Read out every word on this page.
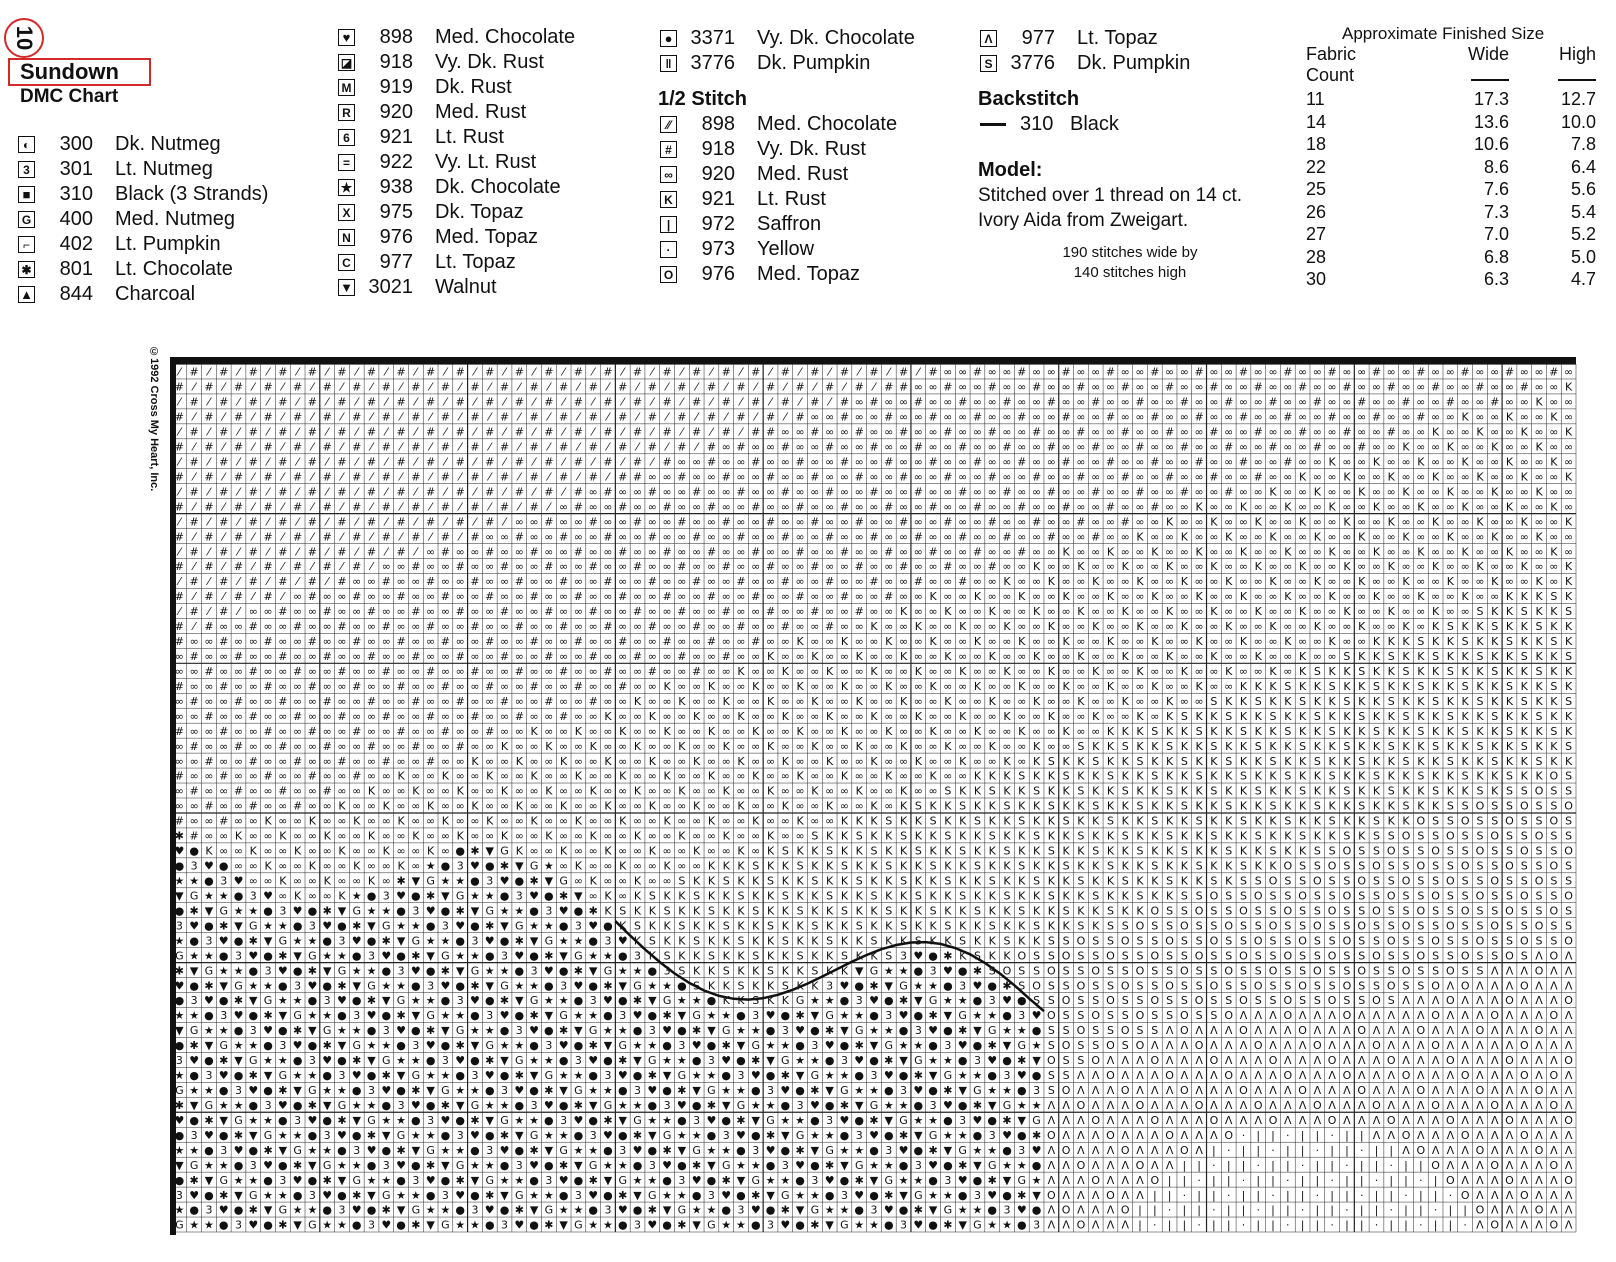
10
Sundown
DMC Chart
◐	300 Dk. Nutmeg
3	301 Lt. Nutmeg
■	310 Black (3 Strands)
G	400 Med. Nutmeg
⌐	402 Lt. Pumpkin
✱	801 Lt. Chocolate
▲	844 Charcoal
♥	898 Med. Chocolate
◪	918 Vy. Dk. Rust
M	919 Dk. Rust
R	920 Med. Rust
6	921 Lt. Rust
=	922 Vy. Lt. Rust
★	938 Dk. Chocolate
X	975 Dk. Topaz
N	976 Med. Topaz
C	977 Lt. Topaz
▼ 3021 Walnut
● 3371 Vy. Dk. Chocolate
‖ 3776 Dk. Pumpkin
1/2 Stitch
⁄⁄	898 Med. Chocolate
#	918 Vy. Dk. Rust
∞	920 Med. Rust
K	921 Lt. Rust
|	972 Saffron
·	973 Yellow
O	976 Med. Topaz
Λ	977 Lt. Topaz
S 3776 Dk. Pumpkin
Backstitch
310 Black
Model:
Stitched over 1 thread on 14 ct.
Ivory Aida from Zweigart.
190 stitches wide by
140 stitches high
Approximate Finished Size
Fabric
Count
Wide	High
11	17.3	12.7
14	13.6	10.0
18	10.6	7.8
22	8.6	6.4
25	7.6	5.6
26	7.3	5.4
27	7.0	5.2
28	6.8	5.0
30	6.3	4.7
©1992 Cross My Heart, Inc. ⁄ # ⁄ # ⁄ # ⁄ # ⁄ # ⁄ # ⁄ # ⁄ # ⁄ # ⁄ # ⁄ # ⁄ # ⁄ # ⁄ # ⁄ # ⁄ # ⁄ # ⁄ # ⁄ # ⁄ # ⁄ # ⁄ # ⁄ # ⁄ # ⁄ # ⁄ # ∞ ∞ # ∞ ∞ # ∞ ∞ # ∞ ∞ # ∞ ∞ # ∞ ∞ # ∞ ∞ # ∞ ∞ # ∞ ∞ # ∞ ∞ # ∞ ∞ # ∞ ∞ # ∞ ∞ # ∞ ∞ # ∞
# ⁄ # ⁄ # ⁄ # ⁄ # ⁄ # ⁄ # ⁄ # ⁄ # ⁄ # ⁄ # ⁄ # ⁄ # ⁄ # ⁄ # ⁄ # ⁄ # ⁄ # ⁄ # ⁄ # ⁄ # ⁄ # ⁄ # ⁄ # ⁄ # # ∞ ∞ # ∞ ∞ # ∞ ∞ # ∞ ∞ # ∞ ∞ # ∞ ∞ # ∞ ∞ # ∞ ∞ # ∞ ∞ # ∞ ∞ # ∞ ∞ # ∞ ∞ # ∞ ∞ # ∞ ∞ # ∞ ∞ K
⁄ # ⁄ # ⁄ # ⁄ # ⁄ # ⁄ # ⁄ # ⁄ # ⁄ # ⁄ # ⁄ # ⁄ # ⁄ # ⁄ # ⁄ # ⁄ # ⁄ # ⁄ # ⁄ # ⁄ # ⁄ # ⁄ # ⁄ # ∞ # ∞ ∞ # ∞ ∞ # ∞ ∞ # ∞ ∞ # ∞ ∞ # ∞ ∞ # ∞ ∞ # ∞ ∞ # ∞ ∞ # ∞ ∞ # ∞ ∞ # ∞ ∞ # ∞ ∞ # ∞ ∞ # ∞ ∞ K ∞ ∞
# ⁄ # ⁄ # ⁄ # ⁄ # ⁄ # ⁄ # ⁄ # ⁄ # ⁄ # ⁄ # ⁄ # ⁄ # ⁄ # ⁄ # ⁄ # ⁄ # ⁄ # ⁄ # ⁄ # ⁄ # ⁄ # ∞ ∞ # ∞ ∞ # ∞ ∞ # ∞ ∞ # ∞ ∞ # ∞ ∞ # ∞ ∞ # ∞ ∞ # ∞ ∞ # ∞ ∞ # ∞ ∞ # ∞ ∞ # ∞ ∞ # ∞ ∞ # ∞ ∞ K ∞ ∞ K ∞ ∞ K ∞
⁄ # ⁄ # ⁄ # ⁄ # ⁄ # ⁄ # ⁄ # ⁄ # ⁄ # ⁄ # ⁄ # ⁄ # ⁄ # ⁄ # ⁄ # ⁄ # ⁄ # ⁄ # ⁄ # ⁄ # # ∞ ∞ # ∞ ∞ # ∞ ∞ # ∞ ∞ # ∞ ∞ # ∞ ∞ # ∞ ∞ # ∞ ∞ # ∞ ∞ # ∞ ∞ # ∞ ∞ # ∞ ∞ # ∞ ∞ # ∞ ∞ # ∞ ∞ K ∞ ∞ K ∞ ∞ K ∞ ∞ K
# ⁄ # ⁄ # ⁄ # ⁄ # ⁄ # ⁄ # ⁄ # ⁄ # ⁄ # ⁄ # ⁄ # ⁄ # ⁄ # ⁄ # ⁄ # ⁄ # ⁄ # ⁄ # ∞ # ∞ ∞ # ∞ ∞ # ∞ ∞ # ∞ ∞ # ∞ ∞ # ∞ ∞ # ∞ ∞ # ∞ ∞ # ∞ ∞ # ∞ ∞ # ∞ ∞ # ∞ ∞ # ∞ ∞ # ∞ ∞ # ∞ ∞ K ∞ ∞ K ∞ ∞ K ∞ ∞ K ∞ ∞
⁄ # ⁄ # ⁄ # ⁄ # ⁄ # ⁄ # ⁄ # ⁄ # ⁄ # ⁄ # ⁄ # ⁄ # ⁄ # ⁄ # ⁄ # ⁄ # ⁄ # ∞ ∞ # ∞ ∞ # ∞ ∞ # ∞ ∞ # ∞ ∞ # ∞ ∞ # ∞ ∞ # ∞ ∞ # ∞ ∞ # ∞ ∞ # ∞ ∞ # ∞ ∞ # ∞ ∞ # ∞ ∞ # ∞ ∞ K ∞ ∞ K ∞ ∞ K ∞ ∞ K ∞ ∞ K ∞ ∞ K ∞
# ⁄ # ⁄ # ⁄ # ⁄ # ⁄ # ⁄ # ⁄ # ⁄ # ⁄ # ⁄ # ⁄ # ⁄ # ⁄ # ⁄ # ⁄ # # ∞ ∞ # ∞ ∞ # ∞ ∞ # ∞ ∞ # ∞ ∞ # ∞ ∞ # ∞ ∞ # ∞ ∞ # ∞ ∞ # ∞ ∞ # ∞ ∞ # ∞ ∞ # ∞ ∞ # ∞ ∞ # ∞ ∞ K ∞ ∞ K ∞ ∞ K ∞ ∞ K ∞ ∞ K ∞ ∞ K ∞ ∞ K
⁄ # ⁄ # ⁄ # ⁄ # ⁄ # ⁄ # ⁄ # ⁄ # ⁄ # ⁄ # ⁄ # ⁄ # ⁄ # ⁄ # ∞ # ∞ ∞ # ∞ ∞ # ∞ ∞ # ∞ ∞ # ∞ ∞ # ∞ ∞ # ∞ ∞ # ∞ ∞ # ∞ ∞ # ∞ ∞ # ∞ ∞ # ∞ ∞ # ∞ ∞ # ∞ ∞ # ∞ ∞ K ∞ ∞ K ∞ ∞ K ∞ ∞ K ∞ ∞ K ∞ ∞ K ∞ ∞ K ∞ ∞
# ⁄ # ⁄ # ⁄ # ⁄ # ⁄ # ⁄ # ⁄ # ⁄ # ⁄ # ⁄ # ⁄ # ⁄ # ⁄ ∞ # ∞ ∞ # ∞ ∞ # ∞ ∞ # ∞ ∞ # ∞ ∞ # ∞ ∞ # ∞ ∞ # ∞ ∞ # ∞ ∞ # ∞ ∞ # ∞ ∞ # ∞ ∞ # ∞ ∞ # ∞ ∞ K ∞ ∞ K ∞ ∞ K ∞ ∞ K ∞ ∞ K ∞ ∞ K ∞ ∞ K ∞ ∞ K ∞ ∞ K ∞
⁄ # ⁄ # ⁄ # ⁄ # ⁄ # ⁄ # ⁄ # ⁄ # ⁄ # ⁄ # ⁄ # ⁄ ∞ ∞ # ∞ ∞ # ∞ ∞ # ∞ ∞ # ∞ ∞ # ∞ ∞ # ∞ ∞ # ∞ ∞ # ∞ ∞ # ∞ ∞ # ∞ ∞ # ∞ ∞ # ∞ ∞ # ∞ ∞ # ∞ ∞ K ∞ ∞ K ∞ ∞ K ∞ ∞ K ∞ ∞ K ∞ ∞ K ∞ ∞ K ∞ ∞ K ∞ ∞ K ∞ ∞ K
# ⁄ # ⁄ # ⁄ # ⁄ # ⁄ # ⁄ # ⁄ # ⁄ # ⁄ # ⁄ # ∞ ∞ # ∞ ∞ # ∞ ∞ # ∞ ∞ # ∞ ∞ # ∞ ∞ # ∞ ∞ # ∞ ∞ # ∞ ∞ # ∞ ∞ # ∞ ∞ # ∞ ∞ # ∞ ∞ # ∞ ∞ # ∞ ∞ K ∞ ∞ K ∞ ∞ K ∞ ∞ K ∞ ∞ K ∞ ∞ K ∞ ∞ K ∞ ∞ K ∞ ∞ K ∞ ∞ K ∞ ∞
⁄ # ⁄ # ⁄ # ⁄ # ⁄ # ⁄ # ⁄ # ⁄ # ⁄ ∞ # ∞ ∞ # ∞ ∞ # ∞ ∞ # ∞ ∞ # ∞ ∞ # ∞ ∞ # ∞ ∞ # ∞ ∞ # ∞ ∞ # ∞ ∞ # ∞ ∞ # ∞ ∞ # ∞ ∞ # ∞ ∞ K ∞ ∞ K ∞ ∞ K ∞ ∞ K ∞ ∞ K ∞ ∞ K ∞ ∞ K ∞ ∞ K ∞ ∞ K ∞ ∞ K ∞ ∞ K ∞ ∞ K ∞
# ⁄ # ⁄ # ⁄ # ⁄ # ⁄ # ⁄ # ⁄ ∞ ∞ # ∞ ∞ # ∞ ∞ # ∞ ∞ # ∞ ∞ # ∞ ∞ # ∞ ∞ # ∞ ∞ # ∞ ∞ # ∞ ∞ # ∞ ∞ # ∞ ∞ # ∞ ∞ # ∞ ∞ # ∞ ∞ K ∞ ∞ K ∞ ∞ K ∞ ∞ K ∞ ∞ K ∞ ∞ K ∞ ∞ K ∞ ∞ K ∞ ∞ K ∞ ∞ K ∞ ∞ K ∞ ∞ K ∞ ∞ K
⁄ # ⁄ # ⁄ # ⁄ # ⁄ # ⁄ # ∞ ∞ # ∞ ∞ # ∞ ∞ # ∞ ∞ # ∞ ∞ # ∞ ∞ # ∞ ∞ # ∞ ∞ # ∞ ∞ # ∞ ∞ # ∞ ∞ # ∞ ∞ # ∞ ∞ # ∞ ∞ # ∞ ∞ K ∞ ∞ K ∞ ∞ K ∞ ∞ K ∞ ∞ K ∞ ∞ K ∞ ∞ K ∞ ∞ K ∞ ∞ K ∞ ∞ K ∞ ∞ K ∞ ∞ K ∞ ∞ K ∞ K
# ⁄ # ⁄ # ⁄ # ⁄ ∞ # ∞ ∞ # ∞ ∞ # ∞ ∞ # ∞ ∞ # ∞ ∞ # ∞ ∞ # ∞ ∞ # ∞ ∞ # ∞ ∞ # ∞ ∞ # ∞ ∞ # ∞ ∞ # ∞ ∞ # ∞ ∞ K ∞ ∞ K ∞ ∞ K ∞ ∞ K ∞ ∞ K ∞ ∞ K ∞ ∞ K ∞ ∞ K ∞ ∞ K ∞ ∞ K ∞ ∞ K ∞ ∞ K ∞ ∞ K ∞ ∞ K K K S K
⁄ # ⁄ # ⁄ ∞ ∞ # ∞ ∞ # ∞ ∞ # ∞ ∞ # ∞ ∞ # ∞ ∞ # ∞ ∞ # ∞ ∞ # ∞ ∞ # ∞ ∞ # ∞ ∞ # ∞ ∞ # ∞ ∞ # ∞ ∞ # ∞ ∞ K ∞ ∞ K ∞ ∞ K ∞ ∞ K ∞ ∞ K ∞ ∞ K ∞ ∞ K ∞ ∞ K ∞ ∞ K ∞ ∞ K ∞ ∞ K ∞ ∞ K ∞ ∞ K ∞ ∞ S K K S K K S
# ⁄ # ∞ ∞ # ∞ ∞ # ∞ ∞ # ∞ ∞ # ∞ ∞ # ∞ ∞ # ∞ ∞ # ∞ ∞ # ∞ ∞ # ∞ ∞ # ∞ ∞ # ∞ ∞ # ∞ ∞ # ∞ ∞ # ∞ ∞ K ∞ ∞ K ∞ ∞ K ∞ ∞ K ∞ ∞ K ∞ ∞ K ∞ ∞ K ∞ ∞ K ∞ ∞ K ∞ ∞ K ∞ ∞ K ∞ ∞ K ∞ ∞ K ∞ K S K K S K K S K K
# ∞ ∞ # ∞ ∞ # ∞ ∞ # ∞ ∞ # ∞ ∞ # ∞ ∞ # ∞ ∞ # ∞ ∞ # ∞ ∞ # ∞ ∞ # ∞ ∞ # ∞ ∞ # ∞ ∞ # ∞ ∞ K ∞ ∞ K ∞ ∞ K ∞ ∞ K ∞ ∞ K ∞ ∞ K ∞ ∞ K ∞ ∞ K ∞ ∞ K ∞ ∞ K ∞ ∞ K ∞ ∞ K ∞ ∞ K ∞ ∞ K K K S K K S K K S K K S K
∞ # ∞ ∞ # ∞ ∞ # ∞ ∞ # ∞ ∞ # ∞ ∞ # ∞ ∞ # ∞ ∞ # ∞ ∞ # ∞ ∞ # ∞ ∞ # ∞ ∞ # ∞ ∞ # ∞ ∞ K ∞ ∞ K ∞ ∞ K ∞ ∞ K ∞ ∞ K ∞ ∞ K ∞ ∞ K ∞ ∞ K ∞ ∞ K ∞ ∞ K ∞ ∞ K ∞ ∞ K ∞ ∞ K ∞ ∞ S K K S K K S K K S K K S K K S
∞ ∞ # ∞ ∞ # ∞ ∞ # ∞ ∞ # ∞ ∞ # ∞ ∞ # ∞ ∞ # ∞ ∞ # ∞ ∞ # ∞ ∞ # ∞ ∞ # ∞ ∞ # ∞ ∞ K ∞ ∞ K ∞ ∞ K ∞ ∞ K ∞ ∞ K ∞ ∞ K ∞ ∞ K ∞ ∞ K ∞ ∞ K ∞ ∞ K ∞ ∞ K ∞ ∞ K ∞ ∞ K ∞ K S K K S K K S K K S K K S K K S K K
# ∞ ∞ # ∞ ∞ # ∞ ∞ # ∞ ∞ # ∞ ∞ # ∞ ∞ # ∞ ∞ # ∞ ∞ # ∞ ∞ # ∞ ∞ # ∞ ∞ K ∞ ∞ K ∞ ∞ K ∞ ∞ K ∞ ∞ K ∞ ∞ K ∞ ∞ K ∞ ∞ K ∞ ∞ K ∞ ∞ K ∞ ∞ K ∞ ∞ K ∞ ∞ K ∞ ∞ K K K S K K S K K S K K S K K S K K S K K S K
∞ # ∞ ∞ # ∞ ∞ # ∞ ∞ # ∞ ∞ # ∞ ∞ # ∞ ∞ # ∞ ∞ # ∞ ∞ # ∞ ∞ # ∞ ∞ K ∞ ∞ K ∞ ∞ K ∞ ∞ K ∞ ∞ K ∞ ∞ K ∞ ∞ K ∞ ∞ K ∞ ∞ K ∞ ∞ K ∞ ∞ K ∞ ∞ K ∞ ∞ K ∞ ∞ S K K S K K S K K S K K S K K S K K S K K S K K S
∞ ∞ # ∞ ∞ # ∞ ∞ # ∞ ∞ # ∞ ∞ # ∞ ∞ # ∞ ∞ # ∞ ∞ # ∞ ∞ # ∞ ∞ K ∞ ∞ K ∞ ∞ K ∞ ∞ K ∞ ∞ K ∞ ∞ K ∞ ∞ K ∞ ∞ K ∞ ∞ K ∞ ∞ K ∞ ∞ K ∞ ∞ K ∞ ∞ K ∞ K S K K S K K S K K S K K S K K S K K S K K S K K S K K
# ∞ ∞ # ∞ ∞ # ∞ ∞ # ∞ ∞ # ∞ ∞ # ∞ ∞ # ∞ ∞ # ∞ ∞ K ∞ ∞ K ∞ ∞ K ∞ ∞ K ∞ ∞ K ∞ ∞ K ∞ ∞ K ∞ ∞ K ∞ ∞ K ∞ ∞ K ∞ ∞ K ∞ ∞ K ∞ ∞ K ∞ ∞ K K K S K K S K K S K K S K K S K K S K K S K K S K K S K K S K
∞ # ∞ ∞ # ∞ ∞ # ∞ ∞ # ∞ ∞ # ∞ ∞ # ∞ ∞ # ∞ ∞ K ∞ ∞ K ∞ ∞ K ∞ ∞ K ∞ ∞ K ∞ ∞ K ∞ ∞ K ∞ ∞ K ∞ ∞ K ∞ ∞ K ∞ ∞ K ∞ ∞ K ∞ ∞ K ∞ ∞ S K K S K K S K K S K K S K K S K K S K K S K K S K K S K K S K K S
∞ ∞ # ∞ ∞ # ∞ ∞ # ∞ ∞ # ∞ ∞ # ∞ ∞ # ∞ ∞ K ∞ ∞ K ∞ ∞ K ∞ ∞ K ∞ ∞ K ∞ ∞ K ∞ ∞ K ∞ ∞ K ∞ ∞ K ∞ ∞ K ∞ ∞ K ∞ ∞ K ∞ ∞ K ∞ K S K K S K K S K K S K K S K K S K K S K K S K K S K K S K K S K K S K K
# ∞ ∞ # ∞ ∞ # ∞ ∞ # ∞ ∞ # ∞ ∞ K ∞ ∞ K ∞ ∞ K ∞ ∞ K ∞ ∞ K ∞ ∞ K ∞ ∞ K ∞ ∞ K ∞ ∞ K ∞ ∞ K ∞ ∞ K ∞ ∞ K ∞ ∞ K ∞ ∞ K K K S K K S K K S K K S K K S K K S K K S K K S K K S K K S K K S K K S K K O S
∞ # ∞ ∞ # ∞ ∞ # ∞ ∞ # ∞ ∞ K ∞ ∞ K ∞ ∞ K ∞ ∞ K ∞ ∞ K ∞ ∞ K ∞ ∞ K ∞ ∞ K ∞ ∞ K ∞ ∞ K ∞ ∞ K ∞ ∞ K ∞ ∞ K ∞ ∞ S K K S K K S K K S K K S K K S K K S K K S K K S K K S K K S K K S K K S K S S O S S
∞ ∞ # ∞ ∞ # ∞ ∞ # ∞ ∞ K ∞ ∞ K ∞ ∞ K ∞ ∞ K ∞ ∞ K ∞ ∞ K ∞ ∞ K ∞ ∞ K ∞ ∞ K ∞ ∞ K ∞ ∞ K ∞ ∞ K ∞ ∞ K ∞ K S K K S K K S K K S K K S K K S K K S K K S K K S K K S K K S K K S K K S S O S S O S S O
# ∞ ∞ # ∞ ∞ K ∞ ∞ K ∞ ∞ K ∞ ∞ K ∞ ∞ K ∞ ∞ K ∞ ∞ K ∞ ∞ K ∞ ∞ K ∞ ∞ K ∞ ∞ K ∞ ∞ K ∞ ∞ K ∞ ∞ K K K S K K S K K S K K S K K S K K S K K S K K S K K S K K S K K S K K S K K O S S O S S O S S O S
✱ # ∞ ∞ K ∞ ∞ K ∞ ∞ K ∞ ∞ K ∞ ∞ K ∞ ∞ K ∞ ∞ K ∞ ∞ K ∞ ∞ K ∞ ∞ K ∞ ∞ K ∞ ∞ K ∞ ∞ K ∞ ∞ S K K S K K S K K S K K S K K S K K S K K S K K S K K S K K S K K S K K S K S S O S S O S S O S S O S S
♥ ● K ∞ ∞ K ∞ ∞ K ∞ ∞ K ∞ ∞ K ∞ ∞ K ∞ ● ✱ ▼ G K ∞ ∞ K ∞ ∞ K ∞ ∞ K ∞ ∞ K ∞ ∞ K ∞ K S K K S K K S K K S K K S K K S K K S K K S K K S K K S K K S K K S K K S S O S S O S S O S S O S S O S S O
● 3 ♥ ● ∞ ∞ K ∞ ∞ K ∞ ∞ K ∞ ∞ K ∞ ★ ● 3 ♥ ● ✱ ▼ G ★ ∞ K ∞ ∞ K ∞ ∞ K ∞ ∞ K K K S K K S K K S K K S K K S K K S K K S K K S K K S K K S K K S K K S K K O S S O S S O S S O S S O S S O S S O S
★ ★ ● 3 ♥ ∞ ∞ K ∞ ∞ K ∞ ∞ K ∞ ✱ ▼ G ★ ★ ● 3 ♥ ● ✱ ▼ G ∞ K ∞ ∞ K ∞ ∞ S K K S K K S K K S K K S K K S K K S K K S K K S K K S K K S K K S K K S K S S O S S O S S O S S O S S O S S O S S O S S
▼ G ★ ★ ● 3 ♥ ∞ K ∞ ∞ K ★ ● 3 ♥ ● ✱ ▼ G ★ ★ ● 3 ♥ ● ✱ ▼ ∞ K ∞ K S K K S K K S K K S K K S K K S K K S K K S K K S K K S K K S K K S K K S S O S S O S S O S S O S S O S S O S S O S S O S S O
● ✱ ▼ G ★ ★ ● 3 ♥ ● ✱ ▼ G ★ ★ ● 3 ♥ ● ✱ ▼ G ★ ★ ● 3 ♥ ● ✱ K S K K S K K S K K S K K S K K S K K S K K S K K S K K S K K S K K S K K O S S O S S O S S O S S O S S O S S O S S O S S O S S O S
3 ♥ ● ✱ ▼ G ★ ★ ● 3 ♥ ● ✱ ▼ G ★ ★ ● 3 ♥ ● ✱ ▼ G ★ ★ ● 3 ♥ ● K S K K S K K S K K S K K S K K S K K S K K S K K S K K S K K S K S S O S S O S S O S S O S S O S S O S S O S S O S S O S S O S S
★ ● 3 ♥ ● ✱ ▼ G ★ ★ ● 3 ♥ ● ✱ ▼ G ★ ★ ● 3 ♥ ● ✱ ▼ G ★ ★ ● 3 ♥ K S K K S K K S K K S K K S K K S K K S K K S K K S K K S S O S S O S S O S S O S S O S S O S S O S S O S S O S S O S S O S S O
G ★ ★ ● 3 ♥ ● ✱ ▼ G ★ ★ ● 3 ♥ ● ✱ ▼ G ★ ★ ● 3 ♥ ● ✱ ▼ G ★ ★ ● 3 K S K K S K K S K K S K K S K K S 3 ♥ ● ✱ K S K K O S S O S S O S S O S S O S S O S S O S S O S S O S S O S S O S S O S Λ O Λ
✱ ▼ G ★ ★ ● 3 ♥ ● ✱ ▼ G ★ ★ ● 3 ♥ ● ✱ ▼ G ★ ★ ● 3 ♥ ● ✱ ▼ G ★ ★ ● 3 S K K S K K S K K S K K ▼ G ★ ★ ● 3 ♥ ● ✱ S O S S O S S O S S O S S O S S O S S O S S O S S O S S O S S O S S Λ Λ Λ O Λ Λ
♥ ● ✱ ▼ G ★ ★ ● 3 ♥ ● ✱ ▼ G ★ ★ ● 3 ♥ ● ✱ ▼ G ★ ★ ● 3 ♥ ● ✱ ▼ G ★ ★ ● S K K S K K S K K 3 ♥ ● ✱ ▼ G ★ ★ ● 3 ♥ ● ✱ S O S S O S S O S S O S S O S S O S S O S S O S S O S S O Λ O Λ Λ Λ O Λ Λ Λ
● 3 ♥ ● ✱ ▼ G ★ ★ ● 3 ♥ ● ✱ ▼ G ★ ★ ● 3 ♥ ● ✱ ▼ G ★ ★ ● 3 ♥ ● ✱ ▼ G ★ ★ ● K K S K K G ★ ★ ● 3 ♥ ● ✱ ▼ G ★ ★ ● 3 ♥ ● S S O S S O S S O S S O S S O S S O S S O S S O S Λ Λ Λ O Λ Λ Λ O Λ Λ Λ O
★ ★ ● 3 ♥ ● ✱ ▼ G ★ ★ ● 3 ♥ ● ✱ ▼ G ★ ★ ● 3 ♥ ● ✱ ▼ G ★ ★ ● 3 ♥ ● ✱ ▼ G ★ ★ ● 3 ♥ ● ✱ ▼ G ★ ★ ● 3 ♥ ● ✱ ▼ G ★ ★ ● 3 ♥ O S S O S S O S S O S S O Λ Λ Λ O Λ Λ Λ O Λ Λ Λ Λ Λ O Λ Λ Λ O Λ Λ Λ O Λ
▼ G ★ ★ ● 3 ♥ ● ✱ ▼ G ★ ★ ● 3 ♥ ● ✱ ▼ G ★ ★ ● 3 ♥ ● ✱ ▼ G ★ ★ ● 3 ♥ ● ✱ ▼ G ★ ★ ● 3 ♥ ● ✱ ▼ G ★ ★ ● 3 ♥ ● ✱ ▼ G ★ ★ ● S S O S S O S S Λ O Λ Λ Λ O Λ Λ Λ O Λ Λ Λ O Λ Λ Λ O Λ Λ Λ O Λ Λ Λ O Λ Λ
● ✱ ▼ G ★ ★ ● 3 ♥ ● ✱ ▼ G ★ ★ ● 3 ♥ ● ✱ ▼ G ★ ★ ● 3 ♥ ● ✱ ▼ G ★ ★ ● 3 ♥ ● ✱ ▼ G ★ ★ ● 3 ♥ ● ✱ ▼ G ★ ★ ● 3 ♥ ● ✱ ▼ G ★ S O S S O S O Λ Λ Λ O Λ Λ Λ O Λ Λ Λ O Λ Λ Λ O Λ Λ Λ O Λ Λ Λ Λ Λ O Λ Λ Λ
3 ♥ ● ✱ ▼ G ★ ★ ● 3 ♥ ● ✱ ▼ G ★ ★ ● 3 ♥ ● ✱ ▼ G ★ ★ ● 3 ♥ ● ✱ ▼ G ★ ★ ● 3 ♥ ● ✱ ▼ G ★ ★ ● 3 ♥ ● ✱ ▼ G ★ ★ ● 3 ♥ ● ✱ ▼ O S S O Λ Λ Λ O Λ Λ Λ O Λ Λ Λ O Λ Λ Λ O Λ Λ Λ O Λ Λ Λ O Λ Λ Λ O Λ Λ Λ O
★ ● 3 ♥ ● ✱ ▼ G ★ ★ ● 3 ♥ ● ✱ ▼ G ★ ★ ● 3 ♥ ● ✱ ▼ G ★ ★ ● 3 ♥ ● ✱ ▼ G ★ ★ ● 3 ♥ ● ✱ ▼ G ★ ★ ● 3 ♥ ● ✱ ▼ G ★ ★ ● 3 ♥ ● S S Λ Λ O Λ Λ Λ O Λ Λ Λ O Λ Λ Λ O Λ Λ Λ O Λ Λ Λ O Λ Λ Λ O Λ Λ Λ O Λ O Λ
G ★ ★ ● 3 ♥ ● ✱ ▼ G ★ ★ ● 3 ♥ ● ✱ ▼ G ★ ★ ● 3 ♥ ● ✱ ▼ G ★ ★ ● 3 ♥ ● ✱ ▼ G ★ ★ ● 3 ♥ ● ✱ ▼ G ★ ★ ● 3 ♥ ● ✱ ▼ G ★ ★ ● 3 S O Λ Λ Λ O Λ Λ Λ O Λ Λ Λ O Λ Λ Λ O Λ Λ Λ O Λ Λ Λ O Λ Λ Λ O Λ Λ Λ O Λ Λ
✱ ▼ G ★ ★ ● 3 ♥ ● ✱ ▼ G ★ ★ ● 3 ♥ ● ✱ ▼ G ★ ★ ● 3 ♥ ● ✱ ▼ G ★ ★ ● 3 ♥ ● ✱ ▼ G ★ ★ ● 3 ♥ ● ✱ ▼ G ★ ★ ● 3 ♥ ● ✱ ▼ G ★ ★ Λ Λ O Λ Λ Λ O Λ Λ Λ O Λ Λ Λ O Λ Λ Λ O Λ Λ Λ O Λ Λ Λ O Λ Λ Λ O Λ Λ Λ O Λ
♥ ● ✱ ▼ G ★ ★ ● 3 ♥ ● ✱ ▼ G ★ ★ ● 3 ♥ ● ✱ ▼ G ★ ★ ● 3 ♥ ● ✱ ▼ G ★ ★ ● 3 ♥ ● ✱ ▼ G ★ ★ ● 3 ♥ ● ✱ ▼ G ★ ★ ● 3 ♥ ● ✱ ▼ G Λ Λ Λ O Λ Λ Λ O Λ Λ Λ O Λ Λ Λ O Λ Λ Λ O Λ Λ Λ O Λ Λ Λ O Λ Λ Λ O Λ Λ Λ O
● 3 ♥ ● ✱ ▼ G ★ ★ ● 3 ♥ ● ✱ ▼ G ★ ★ ● 3 ♥ ● ✱ ▼ G ★ ★ ● 3 ♥ ● ✱ ▼ G ★ ★ ● 3 ♥ ● ✱ ▼ G ★ ★ ● 3 ♥ ● ✱ ▼ G ★ ★ ● 3 ♥ ● ✱ O Λ Λ Λ O Λ Λ Λ O Λ Λ Λ O · | | · | | · | | Λ Λ O Λ Λ Λ O Λ Λ Λ O Λ Λ Λ
★ ★ ● 3 ♥ ● ✱ ▼ G ★ ★ ● 3 ♥ ● ✱ ▼ G ★ ★ ● 3 ♥ ● ✱ ▼ G ★ ★ ● 3 ♥ ● ✱ ▼ G ★ ★ ● 3 ♥ ● ✱ ▼ G ★ ★ ● 3 ♥ ● ✱ ▼ G ★ ★ ● 3 ♥ Λ O Λ Λ Λ O Λ Λ Λ O Λ | · | | · | | · | | · | | Λ O Λ Λ Λ O Λ Λ Λ O Λ Λ
▼ G ★ ★ ● 3 ♥ ● ✱ ▼ G ★ ★ ● 3 ♥ ● ✱ ▼ G ★ ★ ● 3 ♥ ● ✱ ▼ G ★ ★ ● 3 ♥ ● ✱ ▼ G ★ ★ ● 3 ♥ ● ✱ ▼ G ★ ★ ● 3 ♥ ● ✱ ▼ G ★ ★ ● Λ Λ O Λ Λ Λ O Λ Λ | | · | | · | | · | | · | | · | | O Λ Λ Λ O Λ Λ Λ O Λ
● ✱ ▼ G ★ ★ ● 3 ♥ ● ✱ ▼ G ★ ★ ● 3 ♥ ● ✱ ▼ G ★ ★ ● 3 ♥ ● ✱ ▼ G ★ ★ ● 3 ♥ ● ✱ ▼ G ★ ★ ● 3 ♥ ● ✱ ▼ G ★ ★ ● 3 ♥ ● ✱ ▼ G ★ Λ Λ Λ O Λ Λ Λ O | | · | | · | | · | | · | | · | | · | O Λ Λ Λ O Λ Λ Λ O
3 ♥ ● ✱ ▼ G ★ ★ ● 3 ♥ ● ✱ ▼ G ★ ★ ● 3 ♥ ● ✱ ▼ G ★ ★ ● 3 ♥ ● ✱ ▼ G ★ ★ ● 3 ♥ ● ✱ ▼ G ★ ★ ● 3 ♥ ● ✱ ▼ G ★ ★ ● 3 ♥ ● ✱ ▼ O Λ Λ Λ O Λ Λ | | · | | · | | · | | · | | · | | · | | · O Λ Λ Λ O Λ Λ Λ
★ ● 3 ♥ ● ✱ ▼ G ★ ★ ● 3 ♥ ● ✱ ▼ G ★ ★ ● 3 ♥ ● ✱ ▼ G ★ ★ ● 3 ♥ ● ✱ ▼ G ★ ★ ● 3 ♥ ● ✱ ▼ G ★ ★ ● 3 ♥ ● ✱ ▼ G ★ ★ ● 3 ♥ ● Λ O Λ Λ Λ O | | · | | · | | · | | · | | · | | · | | · | | O Λ Λ Λ O Λ Λ
G ★ ★ ● 3 ♥ ● ✱ ▼ G ★ ★ ● 3 ♥ ● ✱ ▼ G ★ ★ ● 3 ♥ ● ✱ ▼ G ★ ★ ● 3 ♥ ● ✱ ▼ G ★ ★ ● 3 ♥ ● ✱ ▼ G ★ ★ ● 3 ♥ ● ✱ ▼ G ★ ★ ● 3 Λ Λ O Λ Λ Λ | · | | · | | · | | · | | · | | · | | · | | · Λ O Λ Λ Λ O Λ
